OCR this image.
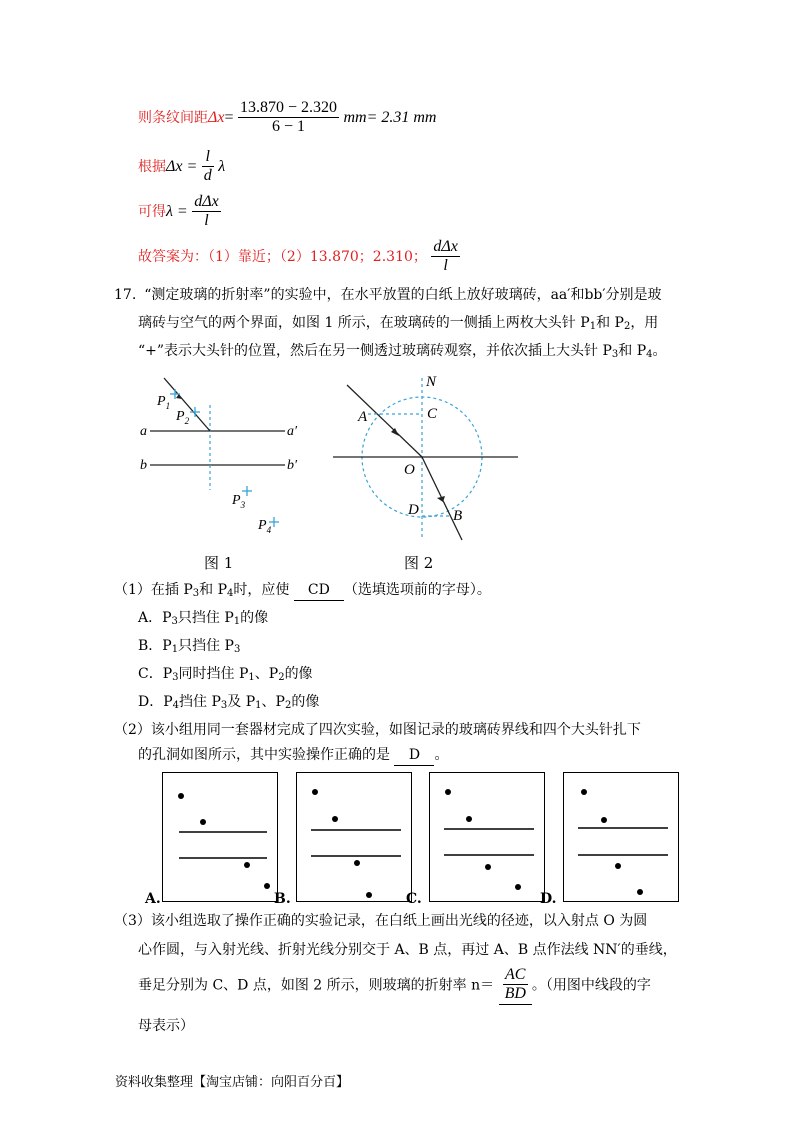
则条纹间距$\Delta x= \frac{13.870 - 2.320}{6 - 1} mm= 2.31$ mm
根据$\Delta x = \frac{l}{d}$ λ
可得$\lambda = \frac{\text{dΔx}}{l}$
故答案为：（1）靠近；（2）13.870；2.310； $\frac{\text{dΔx}}{l}$
17. “测定玻璃的折射率”的实验中，在水平放置的白纸上放好玻璃砖，aa′和bb′分别是玻
璃砖与空气的两个界面，如图 1 所示，在玻璃砖的一侧插上两枚大头针 $P_1$和 $P_2$，用
“+”表示大头针的位置，然后在另一侧透过玻璃砖观察，并依次插上大头针 $P_3$和 $P_4$。
$P_1$
$P_2$
$P_3$
$P_4$
a	a′
b	b′
图 1
N
A	C
O
D B
图 2
（1）在插 $P_3$和 $P_4$时，应使 CD （选填选项前的字母）。
A．$P_3$只挡住 $P_1$的像
B．$P_1$只挡住 $P_3$
C．$P_3$同时挡住 $P_1$、$P_2$的像
D．$P_4$挡住 $P_3$及 $P_1$、$P_2$的像
（2）该小组用同一套器材完成了四次实验，如图记录的玻璃砖界线和四个大头针扎下
的孔洞如图所示，其中实验操作正确的是 D 。
A.	B.	C.	D.
（3）该小组选取了操作正确的实验记录，在白纸上画出光线的径迹，以入射点 O 为圆
心作圆，与入射光线、折射光线分别交于 A、B 点，再过 A、B 点作法线 NN′的垂线，
垂足分别为 C、D 点，如图 2 所示，则玻璃的折射率 $n= \frac{AC}{BD}$ 。（用图中线段的字
母表示）
资料收集整理【淘宝店铺：向阳百分百】
